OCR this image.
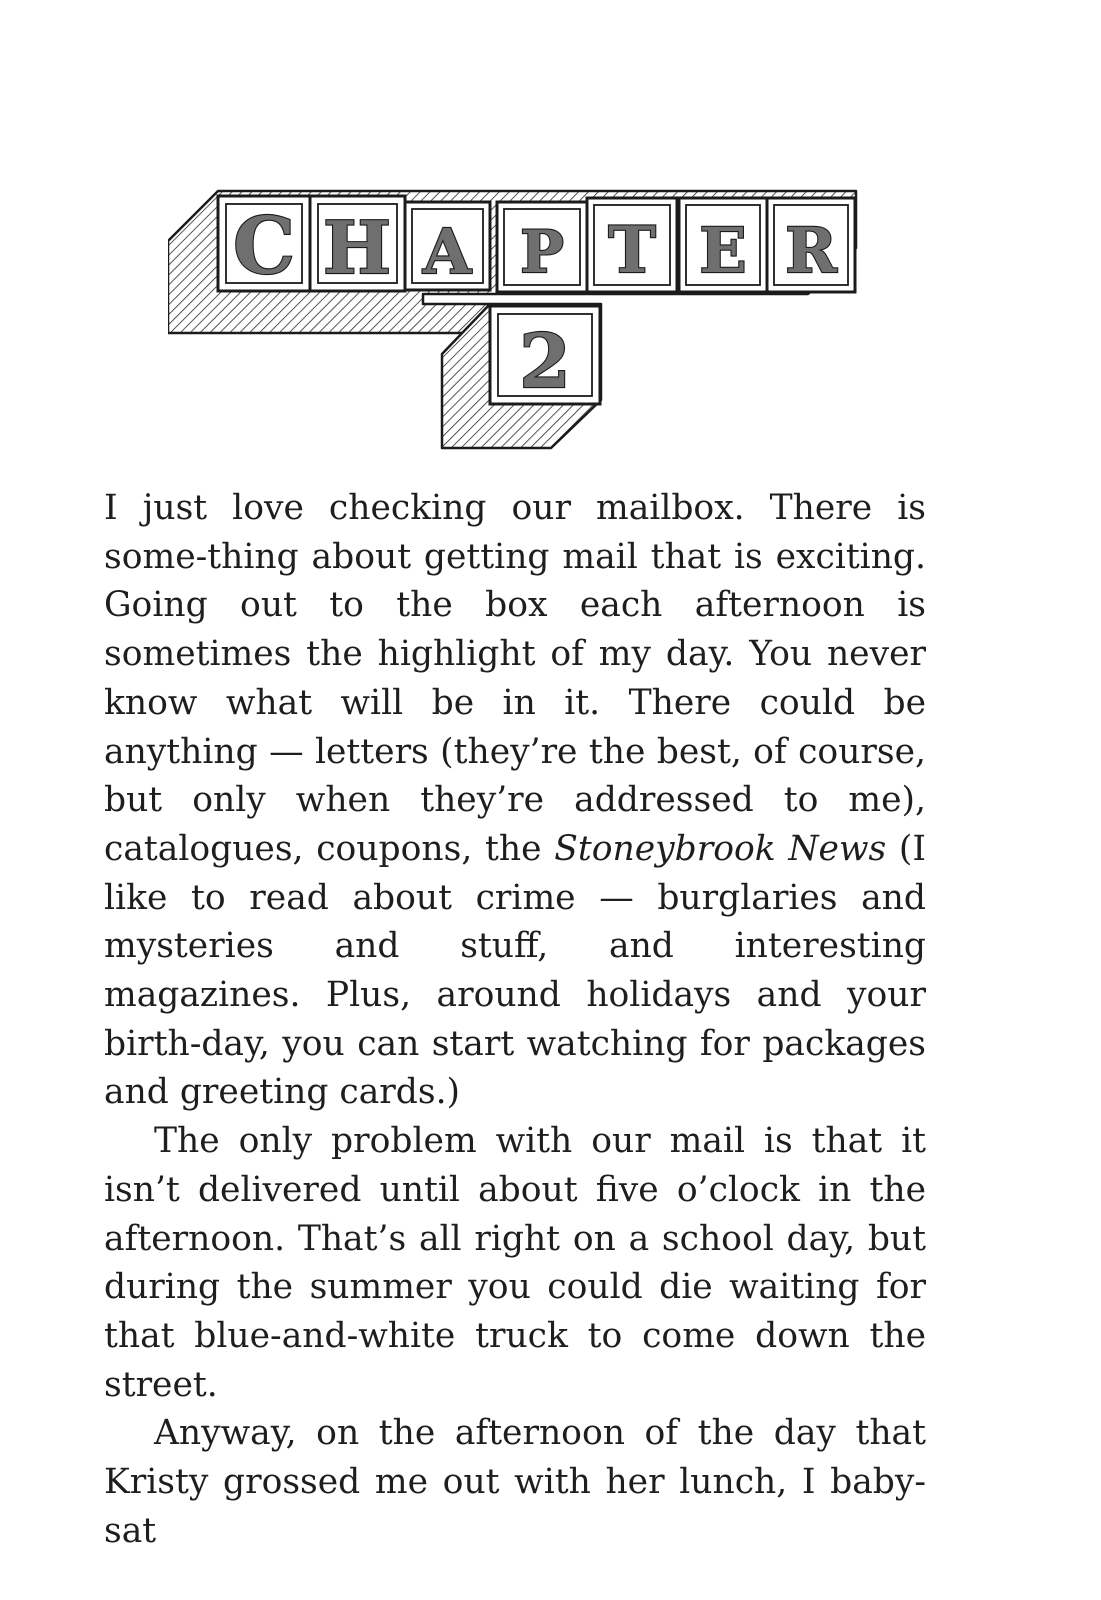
C H A P T E R
2

I just love checking our mailbox. There is some-thing about getting mail that is exciting. Going out to the box each afternoon is sometimes the highlight of my day. You never know what will be in it. There could be anything — letters (they’re the best, of course, but only when they’re addressed to me), catalogues, coupons, the Stoneybrook News (I like to read about crime — burglaries and mysteries and stuff, and interesting magazines. Plus, around holidays and your birth-day, you can start watching for packages and greeting cards.)

The only problem with our mail is that it isn’t delivered until about five o’clock in the afternoon. That’s all right on a school day, but during the summer you could die waiting for that blue-and-white truck to come down the street.

Anyway, on the afternoon of the day that Kristy grossed me out with her lunch, I baby-sat
